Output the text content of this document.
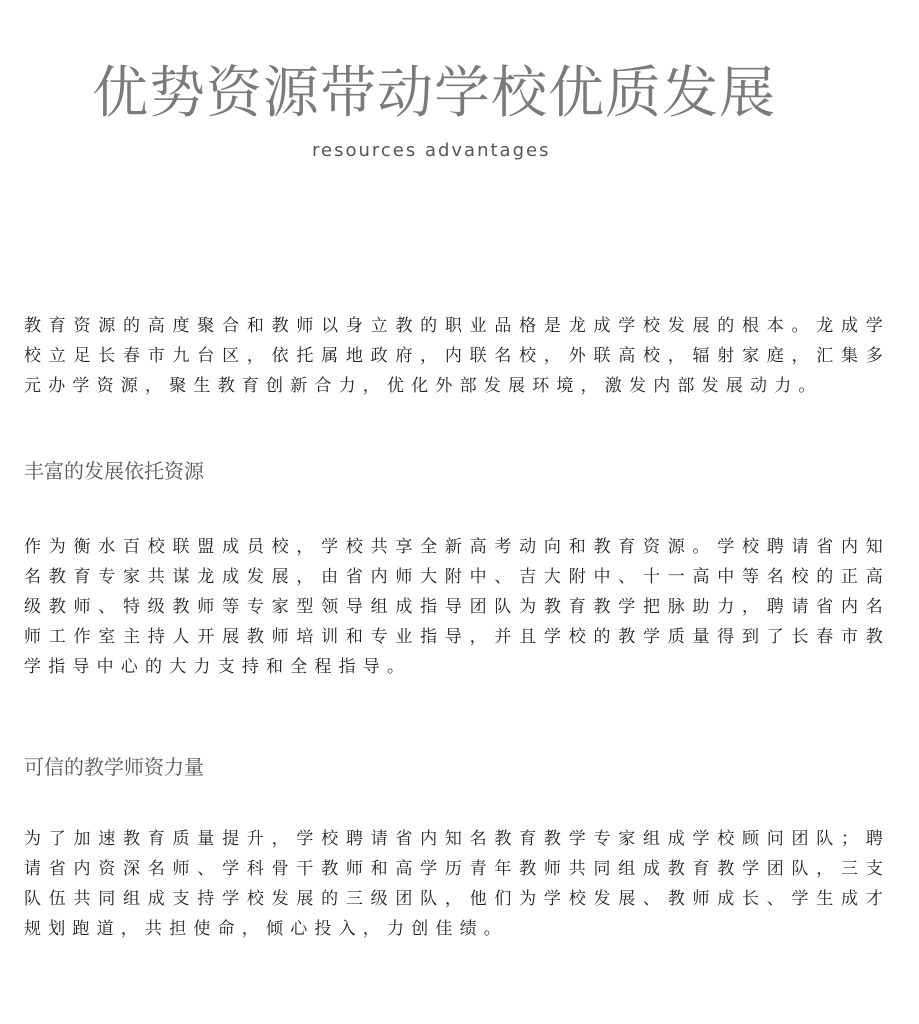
优势资源带动学校优质发展
resources advantages

教育资源的高度聚合和教师以身立教的职业品格是龙成学校发展的根本。龙成学校立足长春市九台区，依托属地政府，内联名校，外联高校，辐射家庭，汇集多元办学资源，聚生教育创新合力，优化外部发展环境，激发内部发展动力。

丰富的发展依托资源

作为衡水百校联盟成员校，学校共享全新高考动向和教育资源。学校聘请省内知名教育专家共谋龙成发展，由省内师大附中、吉大附中、十一高中等名校的正高级教师、特级教师等专家型领导组成指导团队为教育教学把脉助力，聘请省内名师工作室主持人开展教师培训和专业指导，并且学校的教学质量得到了长春市教学指导中心的大力支持和全程指导。

可信的教学师资力量

为了加速教育质量提升，学校聘请省内知名教育教学专家组成学校顾问团队；聘请省内资深名师、学科骨干教师和高学历青年教师共同组成教育教学团队，三支队伍共同组成支持学校发展的三级团队，他们为学校发展、教师成长、学生成才规划跑道，共担使命，倾心投入，力创佳绩。
